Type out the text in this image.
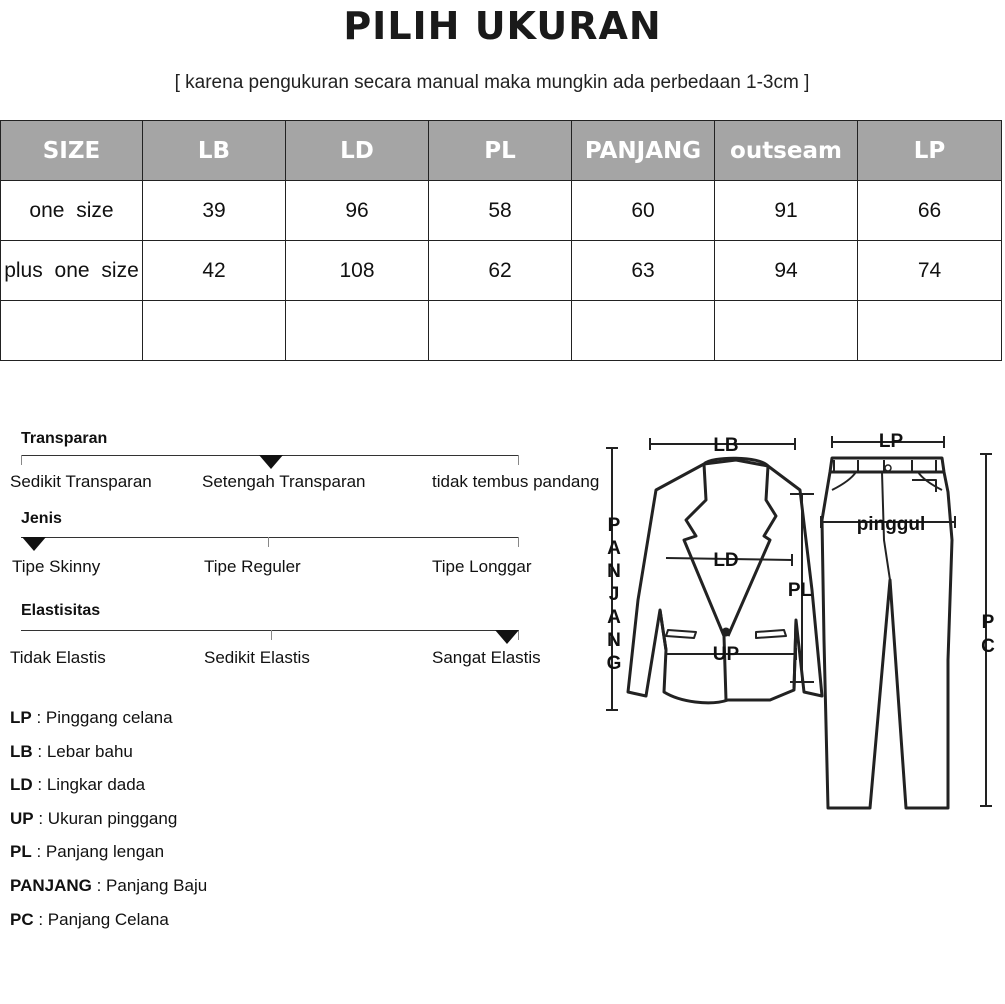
PILIH UKURAN
[ karena pengukuran secara manual maka mungkin ada perbedaan 1-3cm ]
SIZE	LB	LD	PL	PANJANG	outseam	LP
one size	39	96	58	60	91	66
plus one size	42	108	62	63	94	74

Transparan
Sedikit Transparan	Setengah Transparan	tidak tembus pandang
Jenis
Tipe Skinny	Tipe Reguler	Tipe Longgar
Elastisitas
Tidak Elastis	Sedikit Elastis	Sangat Elastis
LP : Pinggang celana
LB : Lebar bahu
LD : Lingkar dada
UP : Ukuran pinggang
PL : Panjang lengan
PANJANG : Panjang Baju
PC : Panjang Celana
LB	LP
pinggul
LD
UP
PL
P
A
N
J
A
N
G
P
C
